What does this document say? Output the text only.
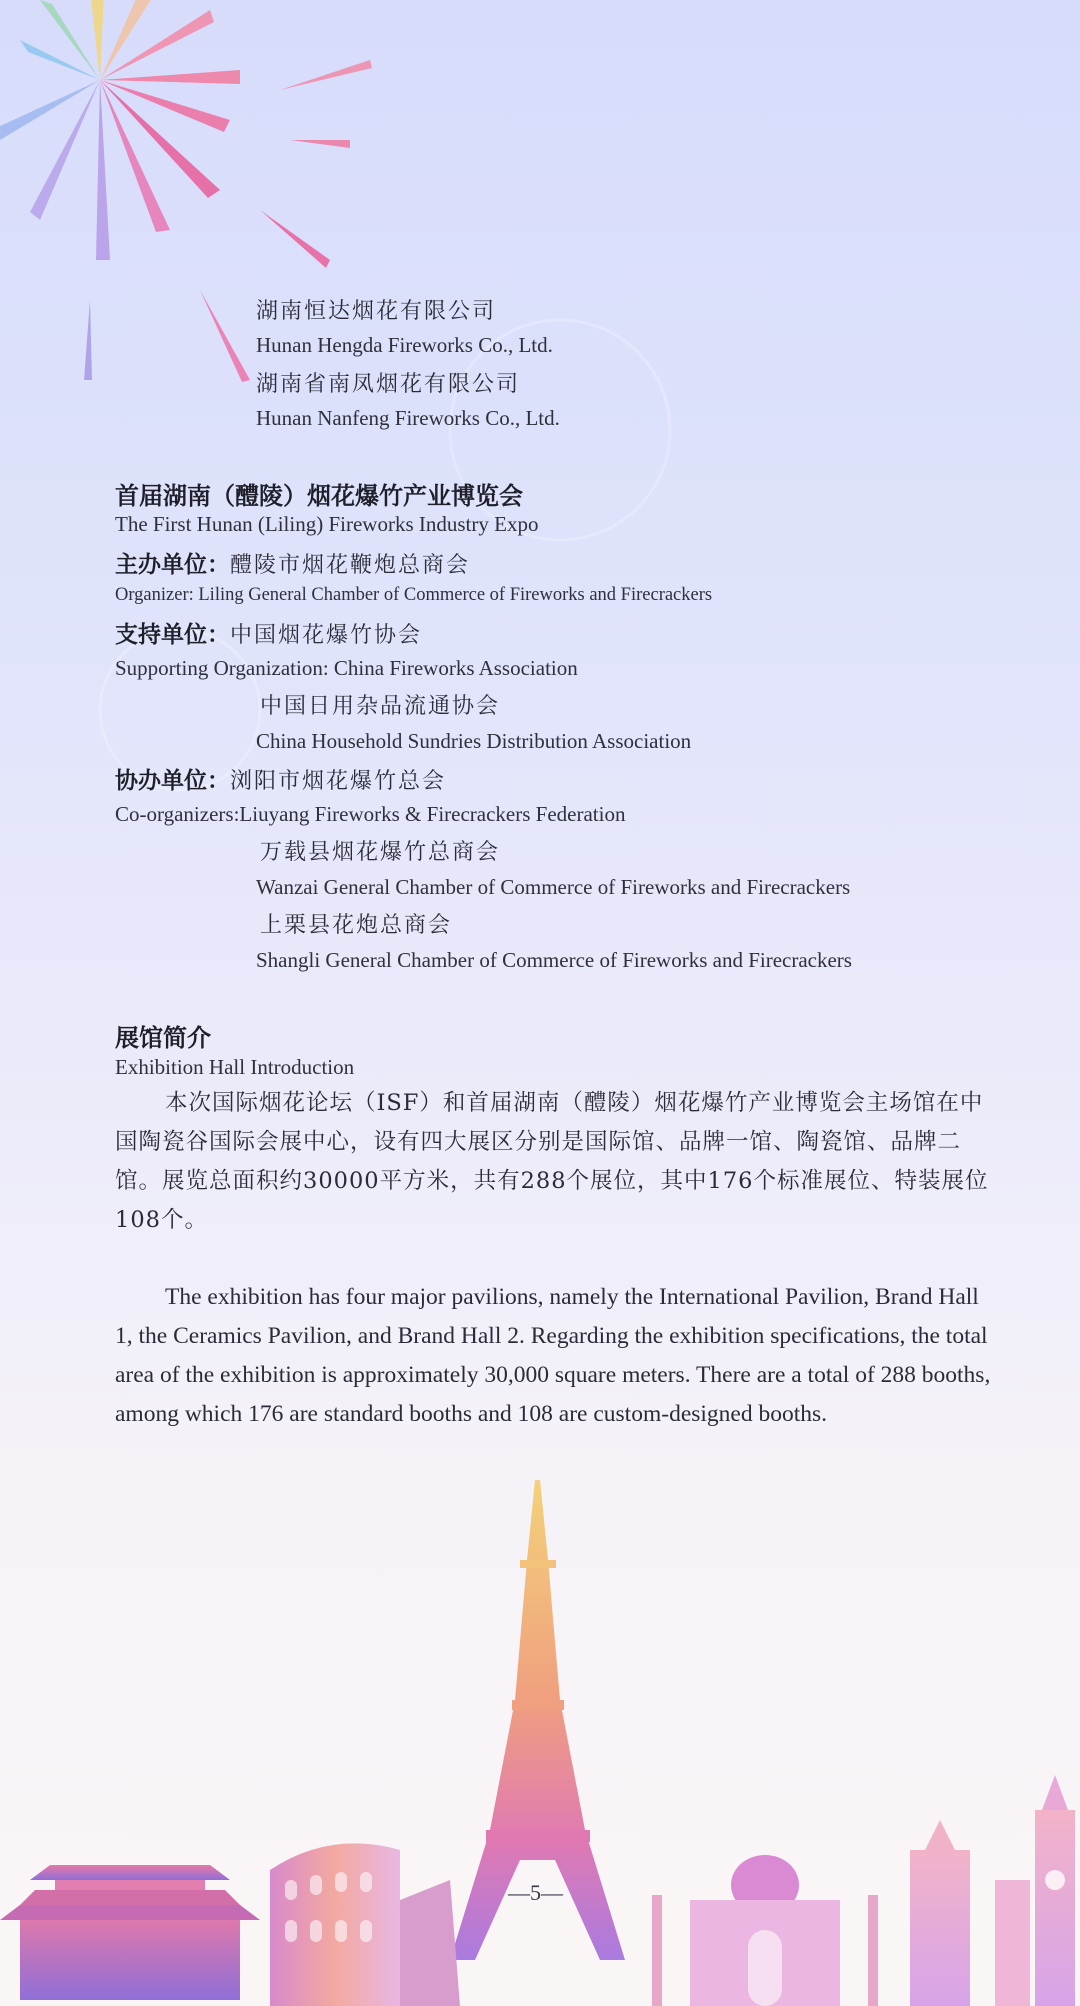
湖南恒达烟花有限公司
Hunan Hengda Fireworks Co., Ltd.
湖南省南凤烟花有限公司
Hunan Nanfeng Fireworks Co., Ltd.
首届湖南（醴陵）烟花爆竹产业博览会
The First Hunan (Liling) Fireworks Industry Expo
主办单位：醴陵市烟花鞭炮总商会
Organizer: Liling General Chamber of Commerce of Fireworks and Firecrackers
支持单位：中国烟花爆竹协会
Supporting Organization: China Fireworks Association
中国日用杂品流通协会
China Household Sundries Distribution Association
协办单位：浏阳市烟花爆竹总会
Co-organizers:Liuyang Fireworks & Firecrackers Federation
万载县烟花爆竹总商会
Wanzai General Chamber of Commerce of Fireworks and Firecrackers
上栗县花炮总商会
Shangli General Chamber of Commerce of Fireworks and Firecrackers
展馆简介
Exhibition Hall Introduction

本次国际烟花论坛（ISF）和首届湖南（醴陵）烟花爆竹产业博览会主场馆在中国陶瓷谷国际会展中心，设有四大展区分别是国际馆、品牌一馆、陶瓷馆、品牌二馆。展览总面积约30000平方米，共有288个展位，其中176个标准展位、特装展位108个。

The exhibition has four major pavilions, namely the International Pavilion, Brand Hall 1, the Ceramics Pavilion, and Brand Hall 2. Regarding the exhibition specifications, the total area of the exhibition is approximately 30,000 square meters. There are a total of 288 booths, among which 176 are standard booths and 108 are custom-designed booths.

—5—
